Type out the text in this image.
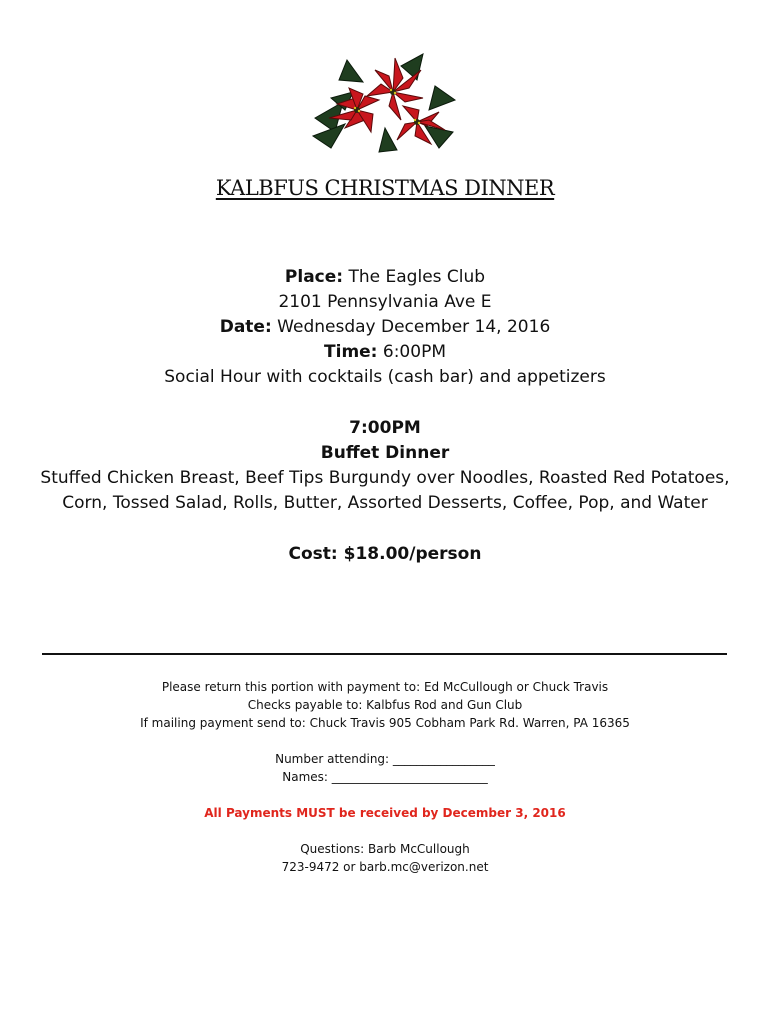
KALBFUS CHRISTMAS DINNER
Place: The Eagles Club
2101 Pennsylvania Ave E
Date: Wednesday December 14, 2016
Time: 6:00PM
Social Hour with cocktails (cash bar) and appetizers
7:00PM
Buffet Dinner
Stuffed Chicken Breast, Beef Tips Burgundy over Noodles, Roasted Red Potatoes,
Corn, Tossed Salad, Rolls, Butter, Assorted Desserts, Coffee, Pop, and Water
Cost: $18.00/person
Please return this portion with payment to: Ed McCullough or Chuck Travis
Checks payable to: Kalbfus Rod and Gun Club
If mailing payment send to: Chuck Travis 905 Cobham Park Rd. Warren, PA 16365
Number attending: _________________
Names: __________________________
All Payments MUST be received by December 3, 2016
Questions: Barb McCullough
723-9472 or barb.mc@verizon.net
